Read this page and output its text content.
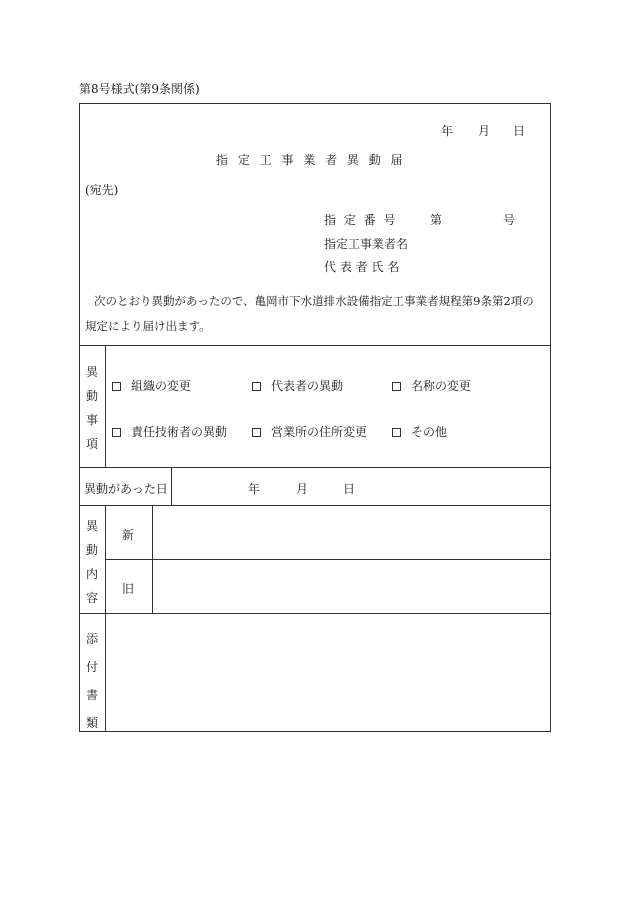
第8号様式(第9条関係)
年 月 日
指 定 工 事 業 者 異 動 届
(宛先)
指 定 番 号	第	号
指定工事業者名
代 表 者 氏 名
次のとおり異動があったので、亀岡市下水道排水設備指定工事業者規程第9条第2項の
規定により届け出ます。
異
動
事
項
組織の変更	代表者の異動	名称の変更
責任技術者の異動	営業所の住所変更	その他
異動があった日	年	月	日
異
動
内
容
新
旧
添
付
書
類
